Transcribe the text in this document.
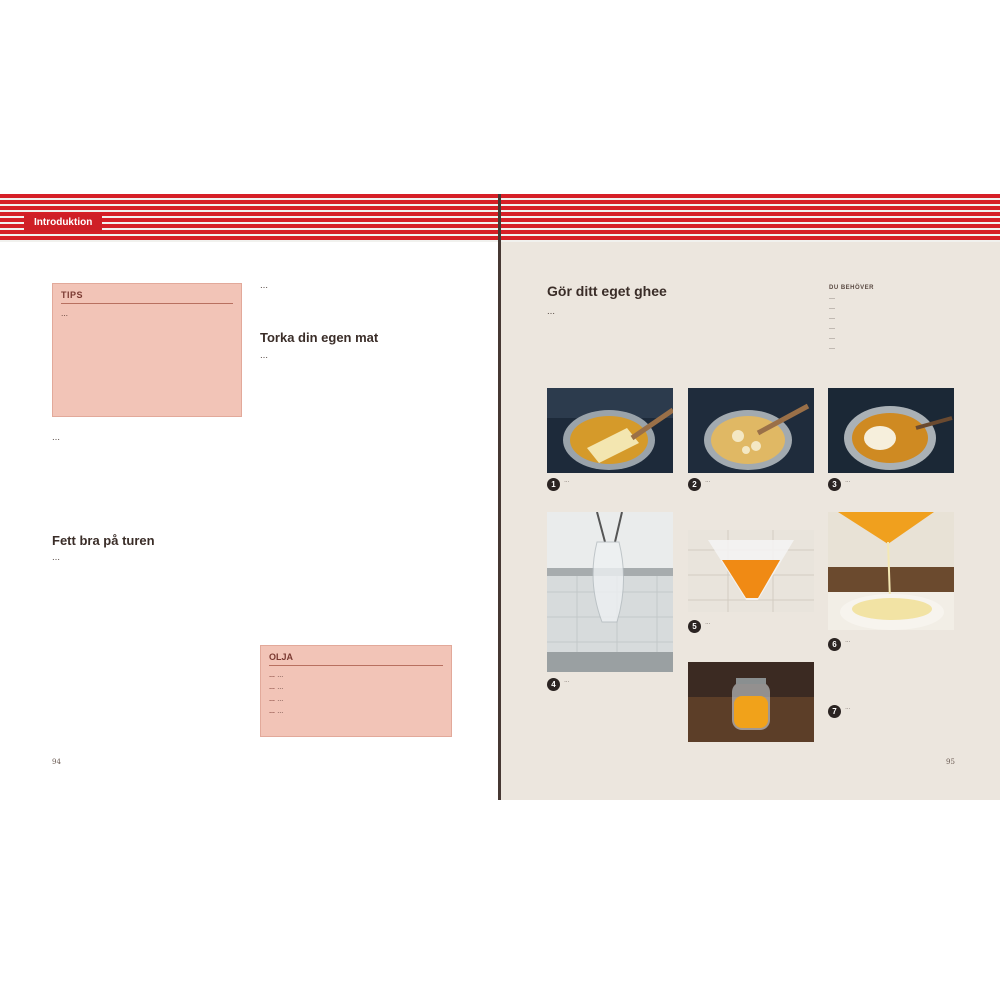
Introduktion
TIPS
…
…
Fett bra på turen
…
…
Torka din egen mat
…
OLJA
… …
… …
… …
… …
94
Gör ditt eget ghee
…
DU BEHÖVER
…
…
…
…
…
…
1	…	2	…	3	…
5	…
6	…
4	…
7	…
95
